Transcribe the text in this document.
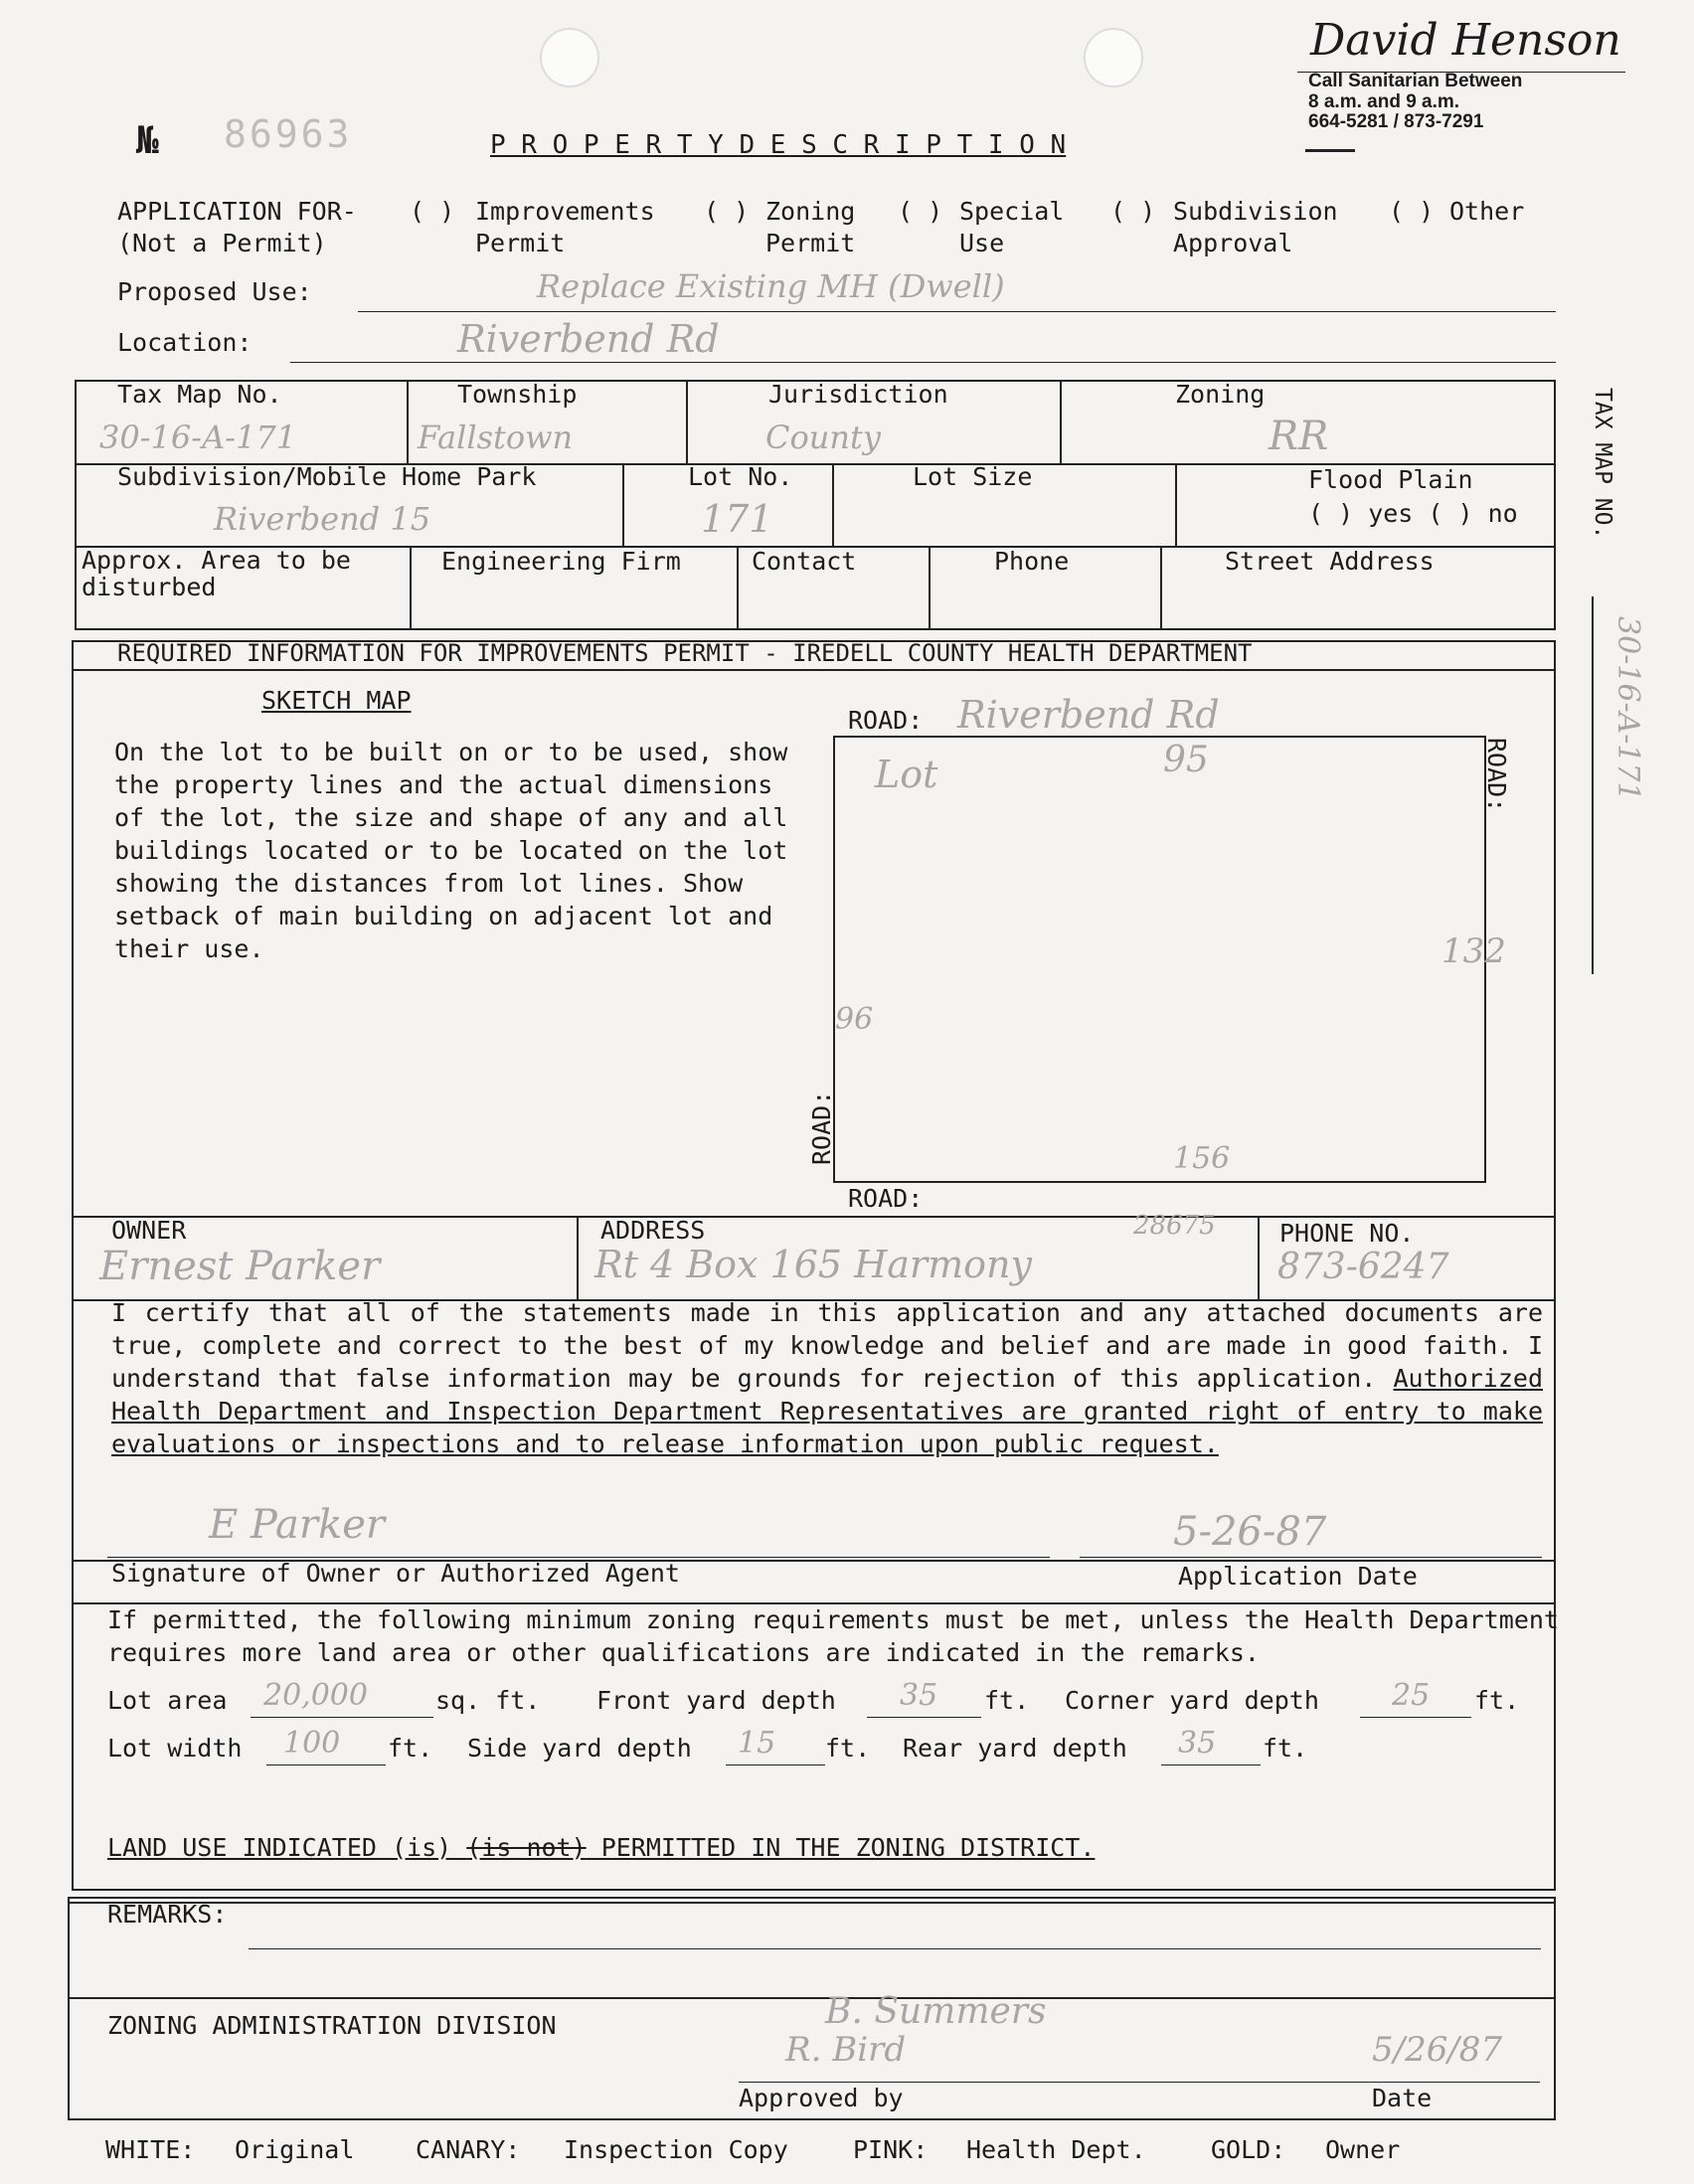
№ 86963	P R O P E R T Y D E S C R I P T I O N
David Henson
Call Sanitarian Between
8 a.m. and 9 a.m.
664-5281 / 873-7291
APPLICATION FOR-
(Not a Permit)
( ) Improvements
Permit
( ) Zoning
Permit
( ) Special
Use
( ) Subdivision
Approval
( ) Other
Proposed Use:	Replace Existing MH (Dwell)
Location:	Riverbend Rd
Tax Map No.
30-16-A-171
Township
Fallstown
Jurisdiction
County
Zoning
RR
Subdivision/Mobile Home Park
Riverbend 15
Lot No.
171
Lot Size	Flood Plain
( ) yes ( ) no
Approx. Area to be
disturbed
Engineering Firm	Contact	Phone	Street Address
TAX MAP NO.
30-16-A-171
REQUIRED INFORMATION FOR IMPROVEMENTS PERMIT - IREDELL COUNTY HEALTH DEPARTMENT
SKETCH MAP
On the lot to be built on or to be used, show the property lines and the actual dimensions of the lot, the size and shape of any and all buildings located or to be located on the lot showing the distances from lot lines. Show setback of main building on adjacent lot and their use.
ROAD: Riverbend Rd
ROAD:
ROAD:
ROAD:
Lot	95
132
96
156
OWNER
Ernest Parker
ADDRESS
Rt 4 Box 165 Harmony
28675	PHONE NO.
873-6247
I certify that all of the statements made in this application and any attached documents are true, complete and correct to the best of my knowledge and belief and are made in good faith. I understand that false information may be grounds for rejection of this application. Authorized Health Department and Inspection Department Representatives are granted right of entry to make evaluations or inspections and to release information upon public request.
E Parker	5-26-87
Signature of Owner or Authorized Agent	Application Date
If permitted, the following minimum zoning requirements must be met, unless the Health Department requires more land area or other qualifications are indicated in the remarks.
Lot area 20,000	sq. ft. Front yard depth 35 ft. Corner yard depth 25 ft.
Lot width 100 ft. Side yard depth 15 ft. Rear yard depth 35 ft.
LAND USE INDICATED (is) (is not) PERMITTED IN THE ZONING DISTRICT.
REMARKS:
ZONING ADMINISTRATION DIVISION	B. Summers
R. Bird	5/26/87
Approved by	Date
WHITE: Original CANARY: Inspection Copy	PINK: Health Dept.	GOLD: Owner
